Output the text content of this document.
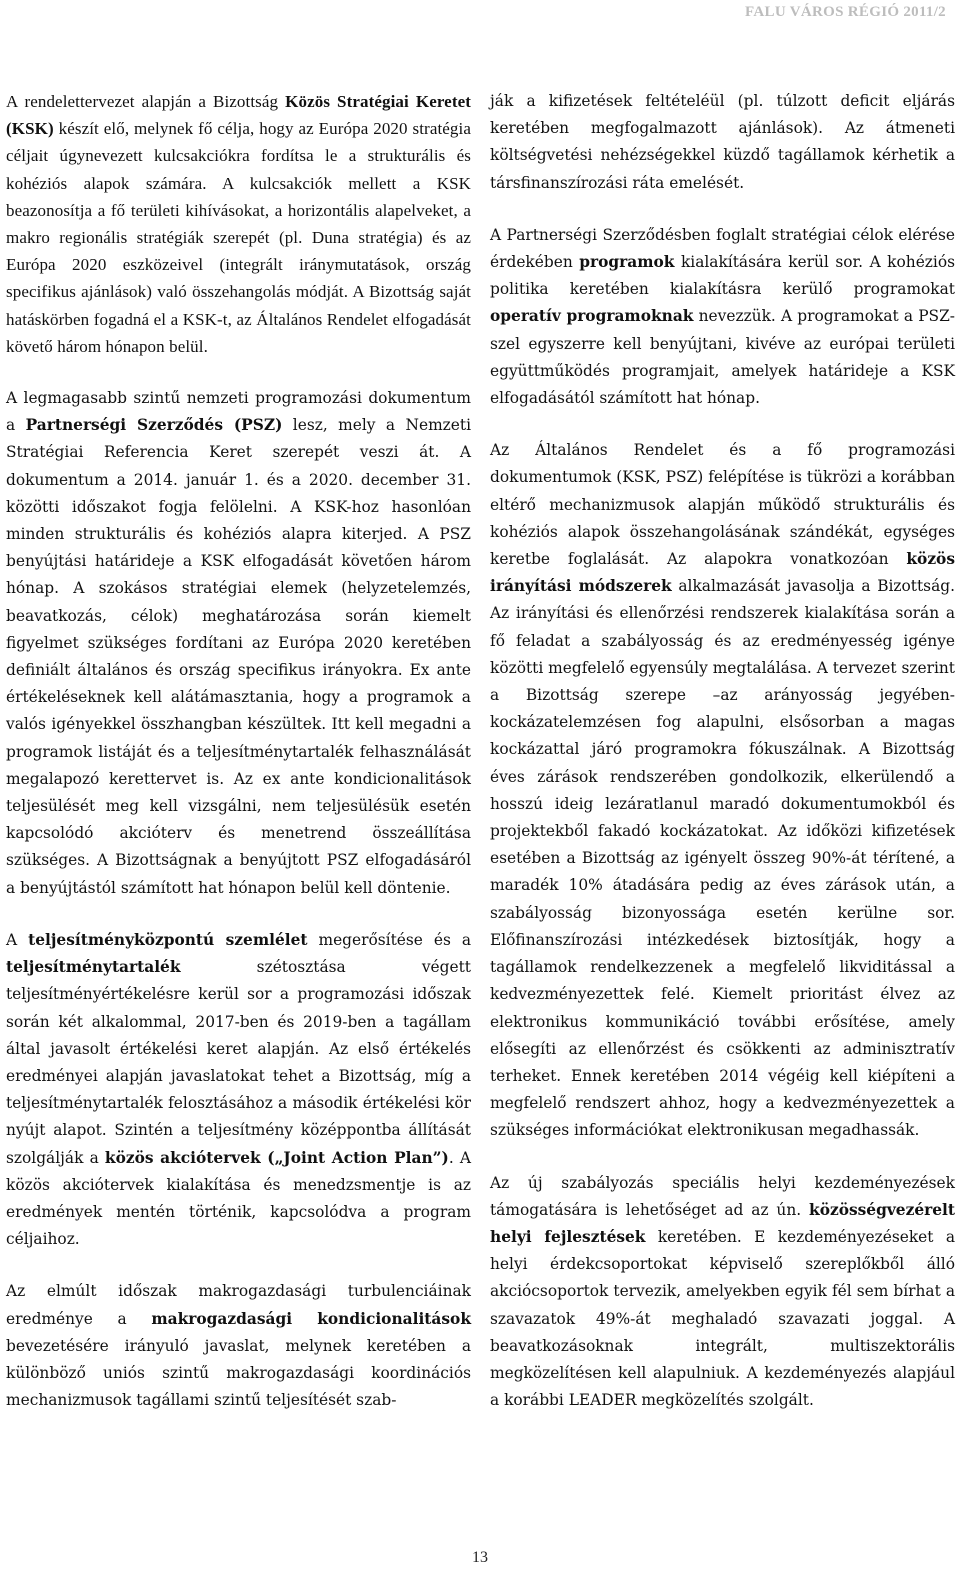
FALU VÁROS RÉGIÓ 2011/2

A rendelettervezet alapján a Bizottság Közös Stratégiai Keretet (KSK) készít elő, melynek fő célja, hogy az Európa 2020 stratégia céljait úgynevezett kulcsakciókra fordítsa le a strukturális és kohéziós alapok számára. A kulcsakciók mellett a KSK beazonosítja a fő területi kihívásokat, a horizontális alapelveket, a makro regionális stratégiák szerepét (pl. Duna stratégia) és az Európa 2020 eszközeivel (integrált iránymutatások, ország specifikus ajánlások) való összehangolás módját. A Bizottság saját hatáskörben fogadná el a KSK-t, az Általános Rendelet elfogadását követő három hónapon belül.

A legmagasabb szintű nemzeti programozási dokumentum a Partnerségi Szerződés (PSZ) lesz, mely a Nemzeti Stratégiai Referencia Keret szerepét veszi át. A dokumentum a 2014. január 1. és a 2020. december 31. közötti időszakot fogja felölelni. A KSK-hoz hasonlóan minden strukturális és kohéziós alapra kiterjed. A PSZ benyújtási határideje a KSK elfogadását követően három hónap. A szokásos stratégiai elemek (helyzetelemzés, beavatkozás, célok) meghatározása során kiemelt figyelmet szükséges fordítani az Európa 2020 keretében definiált általános és ország specifikus irányokra. Ex ante értékeléseknek kell alátámasztania, hogy a programok a valós igényekkel összhangban készültek. Itt kell megadni a programok listáját és a teljesítménytartalék felhasználását megalapozó kerettervet is. Az ex ante kondicionalitások teljesülését meg kell vizsgálni, nem teljesülésük esetén kapcsolódó akcióterv és menetrend összeállítása szükséges. A Bizottságnak a benyújtott PSZ elfogadásáról a benyújtástól számított hat hónapon belül kell döntenie.

A teljesítményközpontú szemlélet megerősítése és a teljesítménytartalék szétosztása végett teljesítményértékelésre kerül sor a programozási időszak során két alkalommal, 2017-ben és 2019-ben a tagállam által javasolt értékelési keret alapján. Az első értékelés eredményei alapján javaslatokat tehet a Bizottság, míg a teljesítménytartalék felosztásához a második értékelési kör nyújt alapot. Szintén a teljesítmény középpontba állítását szolgálják a közös akciótervek („Joint Action Plan”). A közös akciótervek kialakítása és menedzsmentje is az eredmények mentén történik, kapcsolódva a program céljaihoz.

Az elmúlt időszak makrogazdasági turbulenciáinak eredménye a makrogazdasági kondicionalitások bevezetésére irányuló javaslat, melynek keretében a különböző uniós szintű makrogazdasági koordinációs mechanizmusok tagállami szintű teljesítését szab-

ják a kifizetések feltételéül (pl. túlzott deficit eljárás keretében megfogalmazott ajánlások). Az átmeneti költségvetési nehézségekkel küzdő tagállamok kérhetik a társfinanszírozási ráta emelését.

A Partnerségi Szerződésben foglalt stratégiai célok elérése érdekében programok kialakítására kerül sor. A kohéziós politika keretében kialakításra kerülő programokat operatív programoknak nevezzük. A programokat a PSZ-szel egyszerre kell benyújtani, kivéve az európai területi együttműködés programjait, amelyek határideje a KSK elfogadásától számított hat hónap.

Az Általános Rendelet és a fő programozási dokumentumok (KSK, PSZ) felépítése is tükrözi a korábban eltérő mechanizmusok alapján működő strukturális és kohéziós alapok összehangolásának szándékát, egységes keretbe foglalását. Az alapokra vonatkozóan közös irányítási módszerek alkalmazását javasolja a Bizottság. Az irányítási és ellenőrzési rendszerek kialakítása során a fő feladat a szabályosság és az eredményesség igénye közötti megfelelő egyensúly megtalálása. A tervezet szerint a Bizottság szerepe –az arányosság jegyében- kockázatelemzésen fog alapulni, elsősorban a magas kockázattal járó programokra fókuszálnak. A Bizottság éves zárások rendszerében gondolkozik, elkerülendő a hosszú ideig lezáratlanul maradó dokumentumokból és projektekből fakadó kockázatokat. Az időközi kifizetések esetében a Bizottság az igényelt összeg 90%-át térítené, a maradék 10% átadására pedig az éves zárások után, a szabályosság bizonyossága esetén kerülne sor. Előfinanszírozási intézkedések biztosítják, hogy a tagállamok rendelkezzenek a megfelelő likviditással a kedvezményezettek felé. Kiemelt prioritást élvez az elektronikus kommunikáció további erősítése, amely elősegíti az ellenőrzést és csökkenti az adminisztratív terheket. Ennek keretében 2014 végéig kell kiépíteni a megfelelő rendszert ahhoz, hogy a kedvezményezettek a szükséges információkat elektronikusan megadhassák.

Az új szabályozás speciális helyi kezdeményezések támogatására is lehetőséget ad az ún. közösségvezérelt helyi fejlesztések keretében. E kezdeményezéseket a helyi érdekcsoportokat képviselő szereplőkből álló akciócsoportok tervezik, amelyekben egyik fél sem bírhat a szavazatok 49%-át meghaladó szavazati joggal. A beavatkozásoknak integrált, multiszektorális megközelítésen kell alapulniuk. A kezdeményezés alapjául a korábbi LEADER megközelítés szolgált.

13
